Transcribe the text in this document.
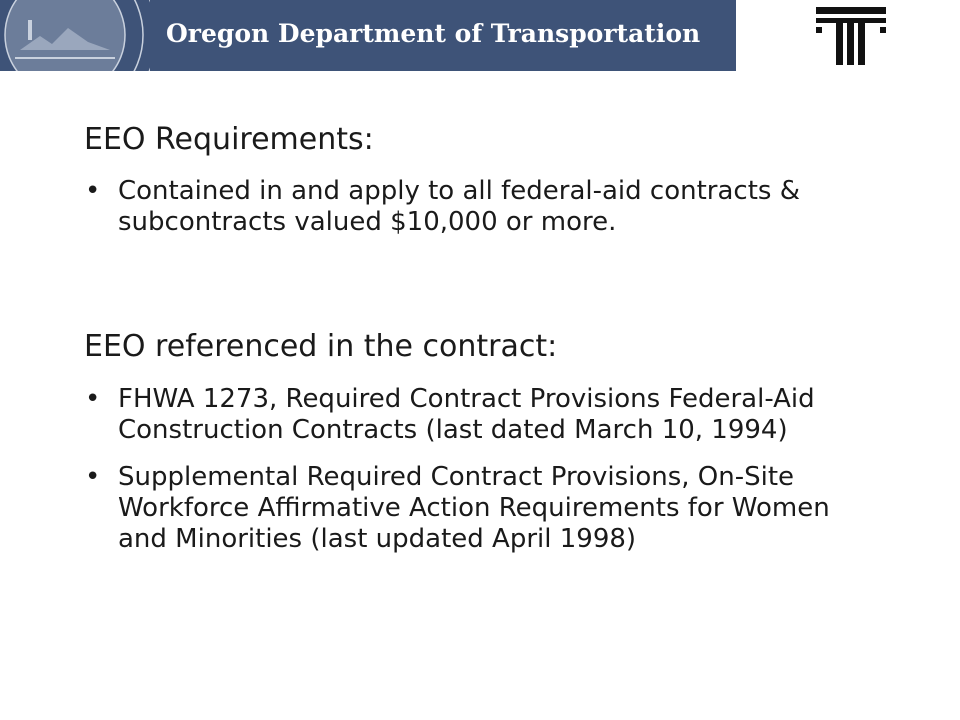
Oregon Department of Transportation
EEO Requirements:
• Contained in and apply to all federal-aid contracts & subcontracts valued $10,000 or more.
EEO referenced in the contract:
• FHWA 1273, Required Contract Provisions Federal-Aid Construction Contracts (last dated March 10, 1994)
• Supplemental Required Contract Provisions, On-Site Workforce Affirmative Action Requirements for Women and Minorities (last updated April 1998)
